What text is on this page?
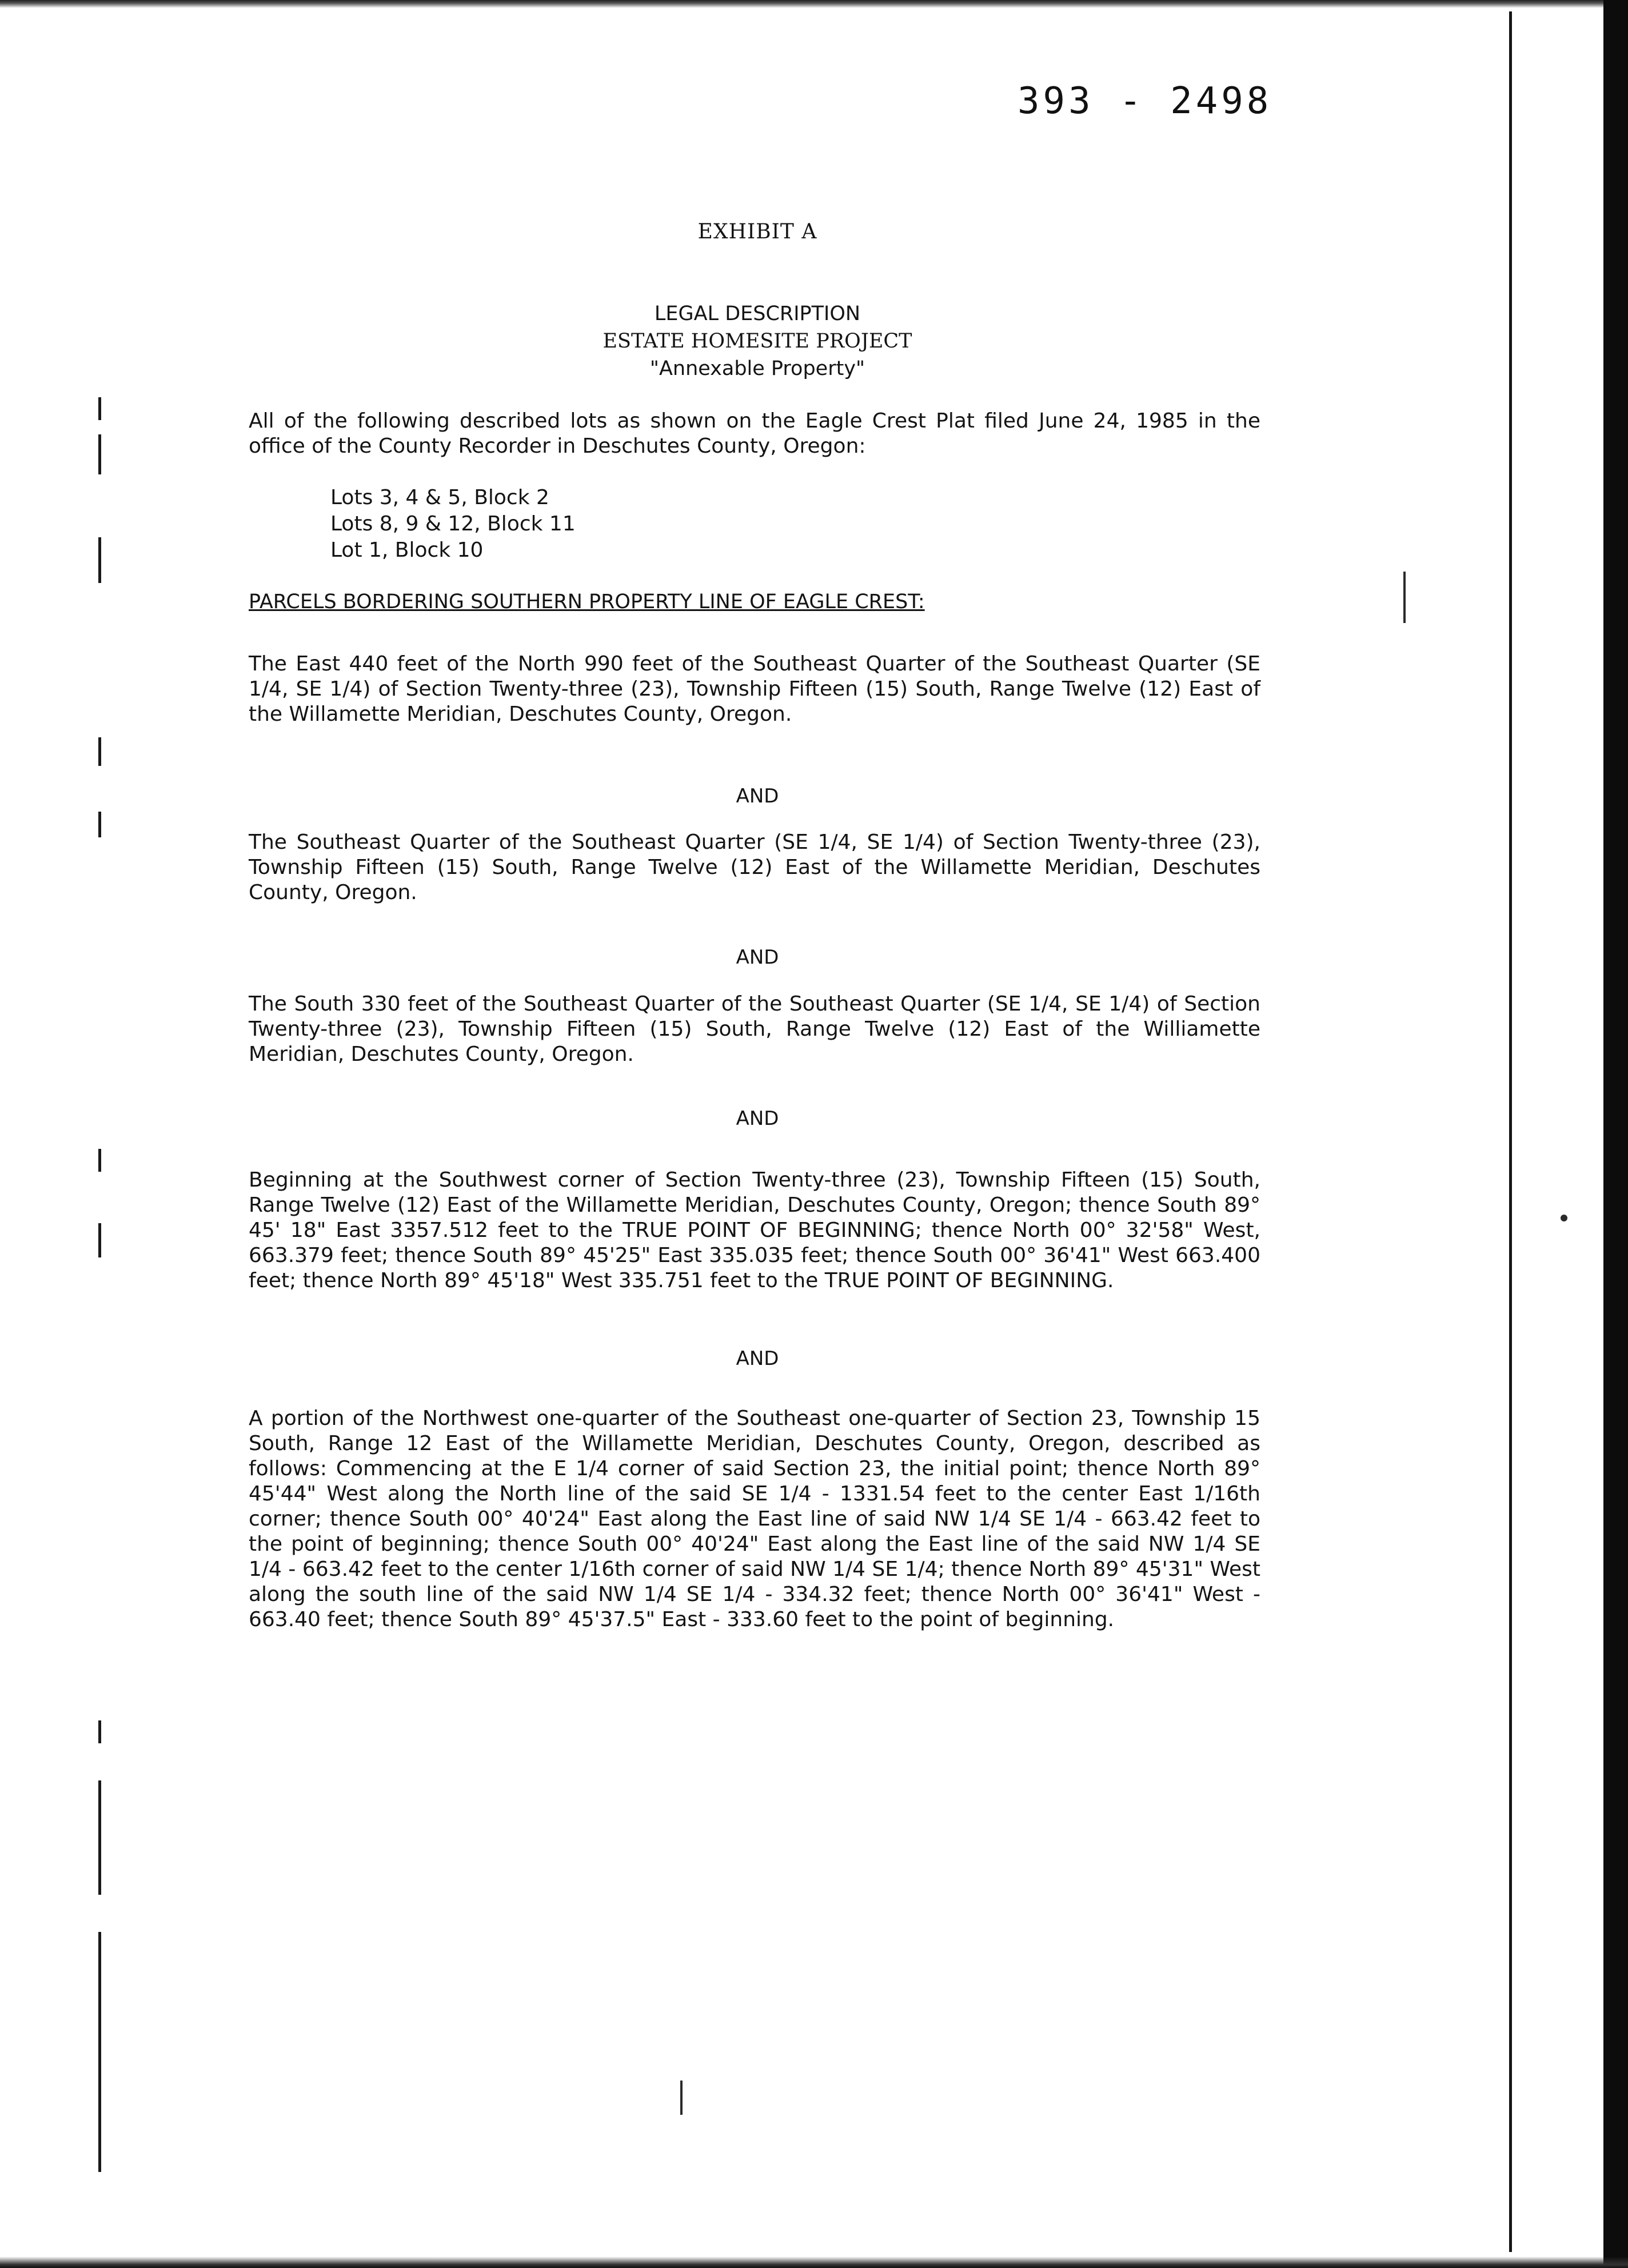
393 - 2498
EXHIBIT A
LEGAL DESCRIPTION
ESTATE HOMESITE PROJECT
"Annexable Property"
All of the following described lots as shown on the Eagle Crest Plat filed June 24, 1985 in the office of the County Recorder in Deschutes County, Oregon:
Lots 3, 4 & 5, Block 2
Lots 8, 9 & 12, Block 11
Lot 1, Block 10
PARCELS BORDERING SOUTHERN PROPERTY LINE OF EAGLE CREST:
The East 440 feet of the North 990 feet of the Southeast Quarter of the Southeast Quarter (SE 1/4, SE 1/4) of Section Twenty-three (23), Township Fifteen (15) South, Range Twelve (12) East of the Willamette Meridian, Deschutes County, Oregon.
AND
The Southeast Quarter of the Southeast Quarter (SE 1/4, SE 1/4) of Section Twenty-three (23), Township Fifteen (15) South, Range Twelve (12) East of the Willamette Meridian, Deschutes County, Oregon.
AND
The South 330 feet of the Southeast Quarter of the Southeast Quarter (SE 1/4, SE 1/4) of Section Twenty-three (23), Township Fifteen (15) South, Range Twelve (12) East of the Williamette Meridian, Deschutes County, Oregon.
AND
Beginning at the Southwest corner of Section Twenty-three (23), Township Fifteen (15) South, Range Twelve (12) East of the Willamette Meridian, Deschutes County, Oregon; thence South 89° 45' 18" East 3357.512 feet to the TRUE POINT OF BEGINNING; thence North 00° 32'58" West, 663.379 feet; thence South 89° 45'25" East 335.035 feet; thence South 00° 36'41" West 663.400 feet; thence North 89° 45'18" West 335.751 feet to the TRUE POINT OF BEGINNING.
AND
A portion of the Northwest one-quarter of the Southeast one-quarter of Section 23, Township 15 South, Range 12 East of the Willamette Meridian, Deschutes County, Oregon, described as follows: Commencing at the E 1/4 corner of said Section 23, the initial point; thence North 89° 45'44" West along the North line of the said SE 1/4 - 1331.54 feet to the center East 1/16th corner; thence South 00° 40'24" East along the East line of said NW 1/4 SE 1/4 - 663.42 feet to the point of beginning; thence South 00° 40'24" East along the East line of the said NW 1/4 SE 1/4 - 663.42 feet to the center 1/16th corner of said NW 1/4 SE 1/4; thence North 89° 45'31" West along the south line of the said NW 1/4 SE 1/4 - 334.32 feet; thence North 00° 36'41" West - 663.40 feet; thence South 89° 45'37.5" East - 333.60 feet to the point of beginning.
